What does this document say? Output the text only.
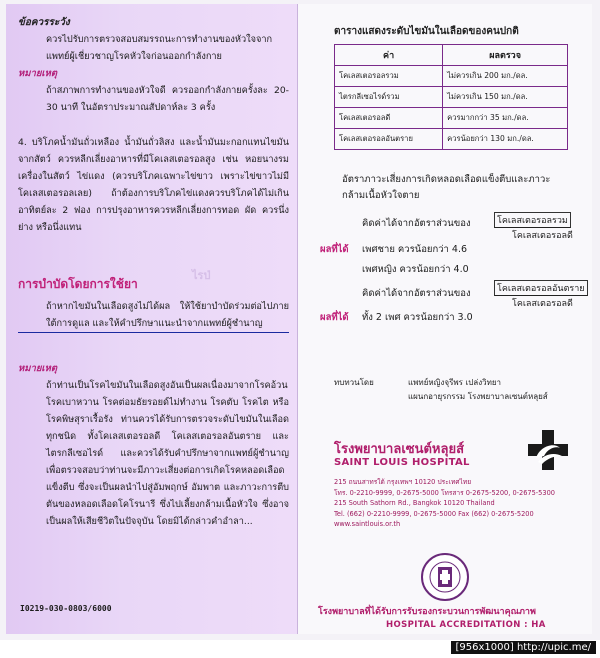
ข้อควรระวัง

ควรไปรับการตรวจสอบสมรรถนะการทำงานของหัวใจจากแพทย์ผู้เชี่ยวชาญโรคหัวใจก่อนออกกำลังกาย

หมายเหตุ

ถ้าสภาพการทำงานของหัวใจดี ควรออกกำลังกายครั้งละ 20-30 นาที ในอัตราประมาณสัปดาห์ละ 3 ครั้ง

4. บริโภคน้ำมันถั่วเหลือง น้ำมันถั่วลิสง และน้ำมันมะกอกแทนไขมันจากสัตว์ ควรหลีกเลี่ยงอาหารที่มีโคเลสเตอรอลสูง เช่น หอยนางรม เครื่องในสัตว์ ไข่แดง (ควรบริโภคเฉพาะไข่ขาว เพราะไข่ขาวไม่มีโคเลสเตอรอลเลย) ถ้าต้องการบริโภคไข่แดงควรบริโภคได้ไม่เกินอาทิตย์ละ 2 ฟอง การปรุงอาหารควรหลีกเลี่ยงการทอด ผัด ควรนึ่ง ย่าง หรือนึ่งแทน

ไรป่

การบำบัดโดยการใช้ยา

ถ้าหากไขมันในเลือดสูงไม่ได้ผล ให้ใช้ยาบำบัดร่วมต่อไปภายใต้การดูแล และให้คำปรึกษาแนะนำจากแพทย์ผู้ชำนาญ

หมายเหตุ

ถ้าท่านเป็นโรคไขมันในเลือดสูงอันเป็นผลเนื่องมาจากโรคอ้วน โรคเบาหวาน โรคต่อมธัยรอยด์ไม่ทำงาน โรคตับ โรคไต หรือโรคพิษสุราเรื้อรัง ท่านควรได้รับการตรวจระดับไขมันในเลือดทุกชนิด ทั้งโคเลสเตอรอลดี โคเลสเตอรอลอันตราย และไตรกลีเซอไรด์ และควรได้รับคำปรึกษาจากแพทย์ผู้ชำนาญเพื่อตรวจสอบว่าท่านจะมีภาวะเสี่ยงต่อการเกิดโรคหลอดเลือดแข็งตีบ ซึ่งจะเป็นผลนำไปสู่อัมพฤกษ์ อัมพาต และภาวะการตีบตันของหลอดเลือดโคโรนารี ซึ่งไปเลี้ยงกล้ามเนื้อหัวใจ ซึ่งอาจเป็นผลให้เสียชีวิตในปัจจุบัน โดยมิได้กล่าวคำอำลา...

I0219-030-0803/6000
ตารางแสดงระดับไขมันในเลือดของคนปกติ
ค่า	ผลตรวจ
โคเลสเตอรอลรวม	ไม่ควรเกิน 200 มก./ดล.
ไตรกลีเซอไรด์รวม	ไม่ควรเกิน 150 มก./ดล.
โคเลสเตอรอลดี	ควรมากกว่า 35 มก./ดล.
โคเลสเตอรอลอันตราย	ควรน้อยกว่า 130 มก./ดล.
อัตราภาวะเสี่ยงการเกิดหลอดเลือดแข็งตีบและภาวะกล้ามเนื้อหัวใจตาย
คิดค่าได้จากอัตราส่วนของ	โคเลสเตอรอลรวม
โคเลสเตอรอลดี
ผลที่ได้ เพศชาย ควรน้อยกว่า 4.6
เพศหญิง ควรน้อยกว่า 4.0
คิดค่าได้จากอัตราส่วนของ	โคเลสเตอรอลอันตราย
โคเลสเตอรอลดี
ผลที่ได้ ทั้ง 2 เพศ ควรน้อยกว่า 3.0
ทบทวนโดย	แพทย์หญิงจุรีพร เปล่งวิทยา
แผนกอายุรกรรม โรงพยาบาลเซนต์หลุยส์
โรงพยาบาลเซนต์หลุยส์
SAINT LOUIS HOSPITAL
215 ถนนสาทรใต้ กรุงเทพฯ 10120 ประเทศไทย
โทร. 0-2210-9999, 0-2675-5000 โทรสาร 0-2675-5200, 0-2675-5300
215 South Sathorn Rd., Bangkok 10120 Thailand
Tel. (662) 0-2210-9999, 0-2675-5000 Fax (662) 0-2675-5200
www.saintlouis.or.th
โรงพยาบาลที่ได้รับการรับรองกระบวนการพัฒนาคุณภาพ
HOSPITAL ACCREDITATION : HA
[956x1000] http://upic.me/
